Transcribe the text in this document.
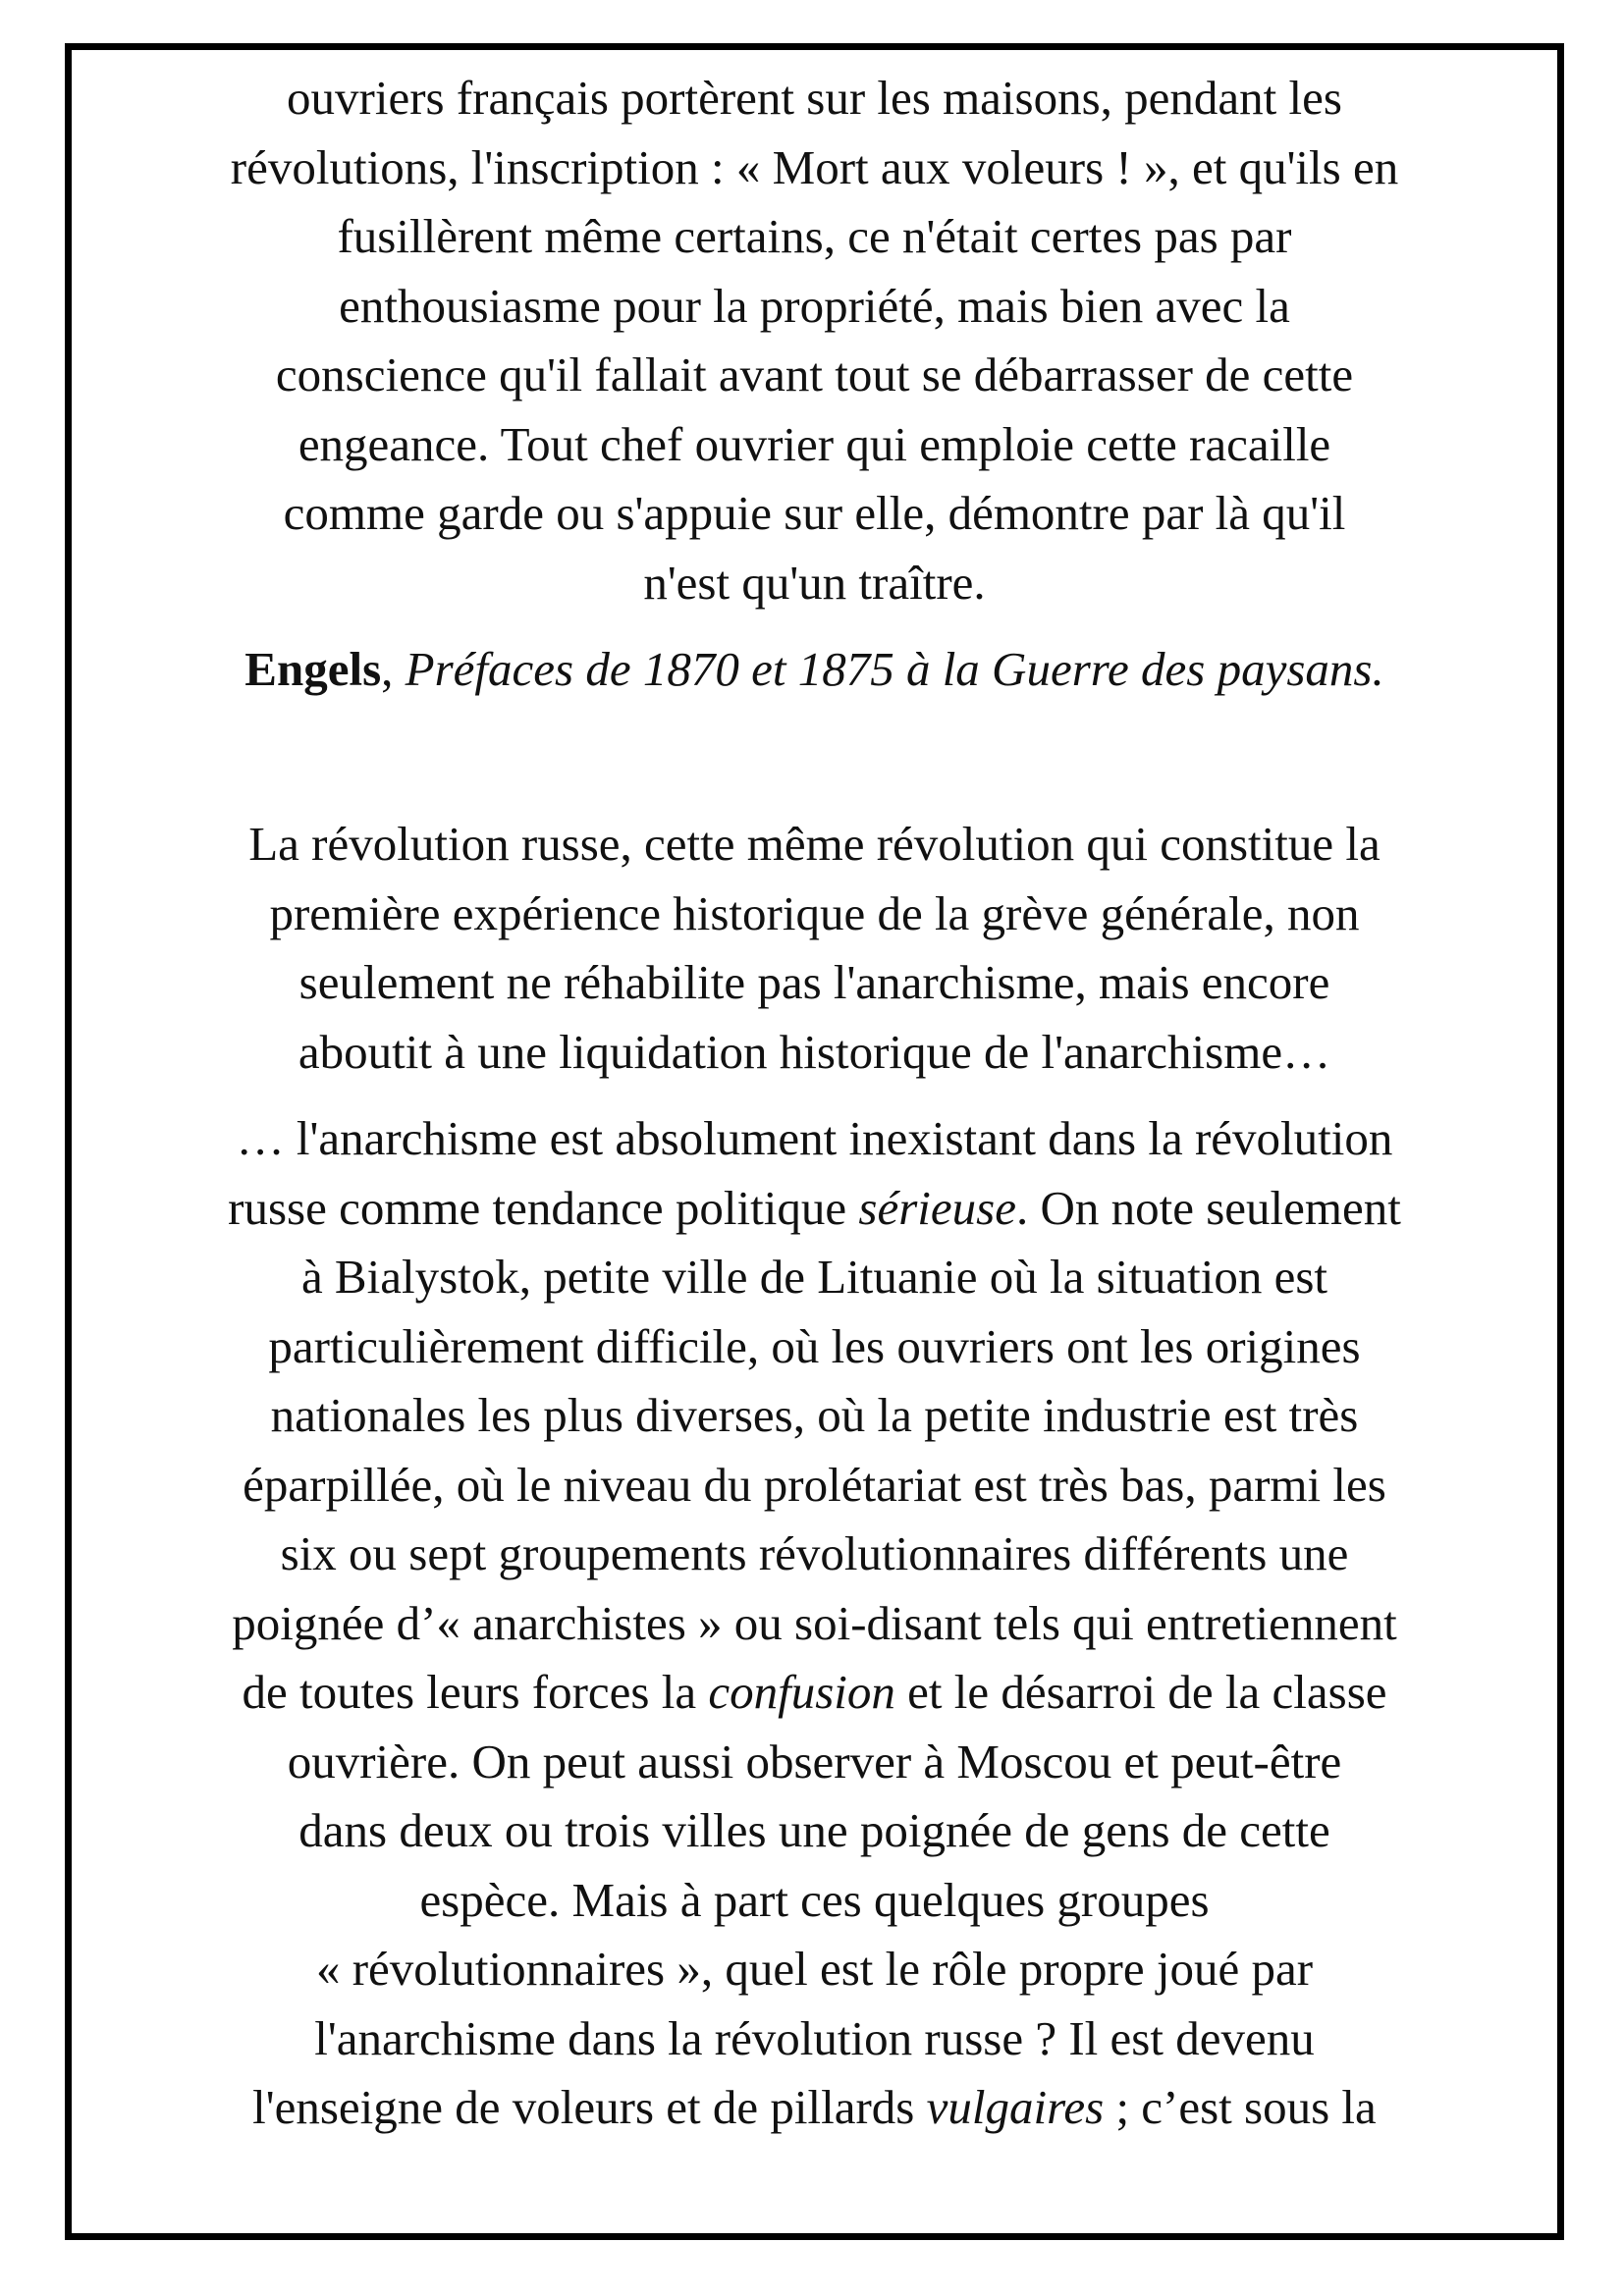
ouvriers français portèrent sur les maisons, pendant les
révolutions, l'inscription : « Mort aux voleurs ! », et qu'ils en
fusillèrent même certains, ce n'était certes pas par
enthousiasme pour la propriété, mais bien avec la
conscience qu'il fallait avant tout se débarrasser de cette
engeance. Tout chef ouvrier qui emploie cette racaille
comme garde ou s'appuie sur elle, démontre par là qu'il
n'est qu'un traître.

Engels, Préfaces de 1870 et 1875 à la Guerre des paysans.

La révolution russe, cette même révolution qui constitue la
première expérience historique de la grève générale, non
seulement ne réhabilite pas l'anarchisme, mais encore
aboutit à une liquidation historique de l'anarchisme…

… l'anarchisme est absolument inexistant dans la révolution
russe comme tendance politique sérieuse. On note seulement
à Bialystok, petite ville de Lituanie où la situation est
particulièrement difficile, où les ouvriers ont les origines
nationales les plus diverses, où la petite industrie est très
éparpillée, où le niveau du prolétariat est très bas, parmi les
six ou sept groupements révolutionnaires différents une
poignée d’« anarchistes » ou soi-disant tels qui entretiennent
de toutes leurs forces la confusion et le désarroi de la classe
ouvrière. On peut aussi observer à Moscou et peut-être
dans deux ou trois villes une poignée de gens de cette
espèce. Mais à part ces quelques groupes
« révolutionnaires », quel est le rôle propre joué par
l'anarchisme dans la révolution russe ? Il est devenu
l'enseigne de voleurs et de pillards vulgaires ; c’est sous la
